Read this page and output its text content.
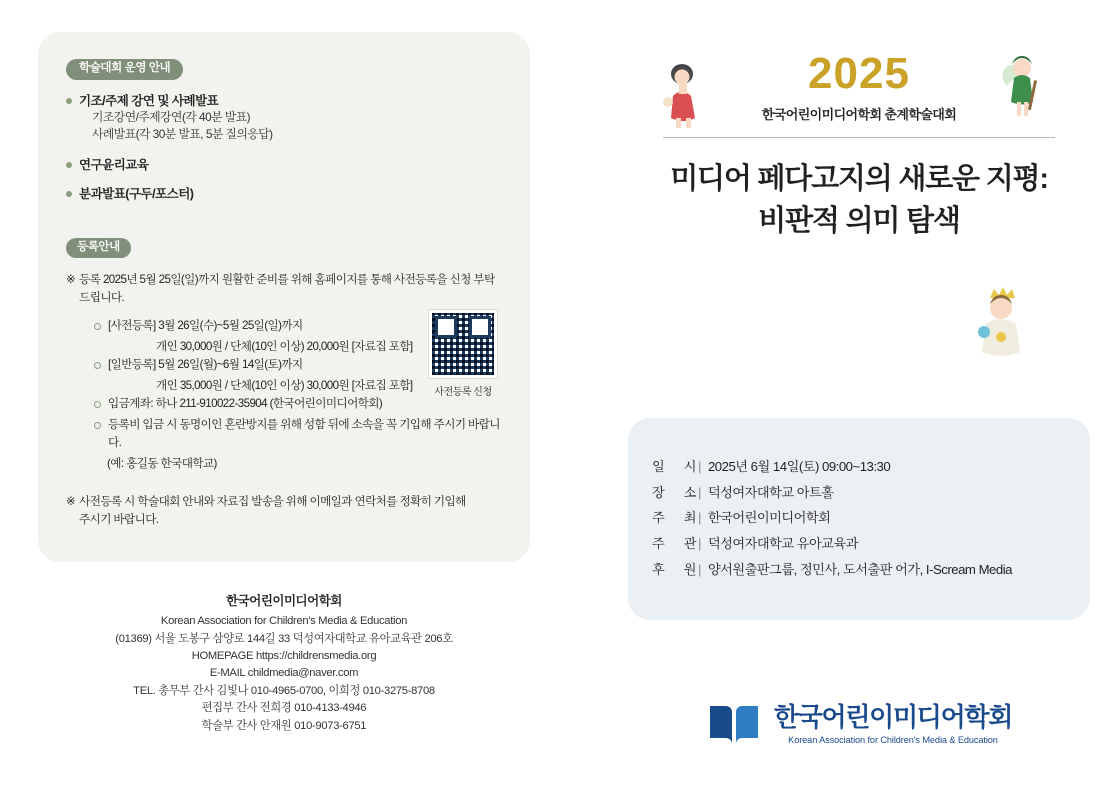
학술대회 운영 안내
기조/주제 강연 및 사례발표
기조강연/주제강연(각 40분 발표)
사례발표(각 30분 발표, 5분 질의응답)
연구윤리교육
분과발표(구두/포스터)
등록안내
※ 등록 2025년 5월 25일(일)까지 원활한 준비를 위해 홈페이지를 통해 사전등록을 신청 부탁드립니다.
[사전등록] 3월 26일(수)~5월 25일(일)까지
개인 30,000원 / 단체(10인 이상) 20,000원 [자료집 포함]
[일반등록] 5월 26일(월)~6월 14일(토)까지
개인 35,000원 / 단체(10인 이상) 30,000원 [자료집 포함]
입금계좌: 하나 211-910022-35904 (한국어린이미디어학회)
등록비 입금 시 동명이인 혼란방지를 위해 성함 뒤에 소속을 꼭 기입해 주시기 바랍니다.
(예: 홍길동 한국대학교)
사전등록 신청
※ 사전등록 시 학술대회 안내와 자료집 발송을 위해 이메일과 연락처를 정확히 기입해
주시기 바랍니다.
한국어린이미디어학회
Korean Association for Children's Media & Education
(01369) 서울 도봉구 삼양로 144길 33 덕성여자대학교 유아교육관 206호
HOMEPAGE https://childrensmedia.org
E-MAIL childmedia@naver.com
TEL. 총무부 간사 김빛나 010-4965-0700, 이희정 010-3275-8708
편집부 간사 전희경 010-4133-4946
학술부 간사 안재원 010-9073-6751
2025
한국어린이미디어학회 춘계학술대회
미디어 페다고지의 새로운 지평:
비판적 의미 탐색
일 시 | 2025년 6월 14일(토) 09:00~13:30
장 소 | 덕성여자대학교 아트홀
주 최 | 한국어린이미디어학회
주 관 | 덕성여자대학교 유아교육과
후 원 | 양서원출판그룹, 정민사, 도서출판 어가, I-Scream Media
한국어린이미디어학회
Korean Association for Children's Media & Education
